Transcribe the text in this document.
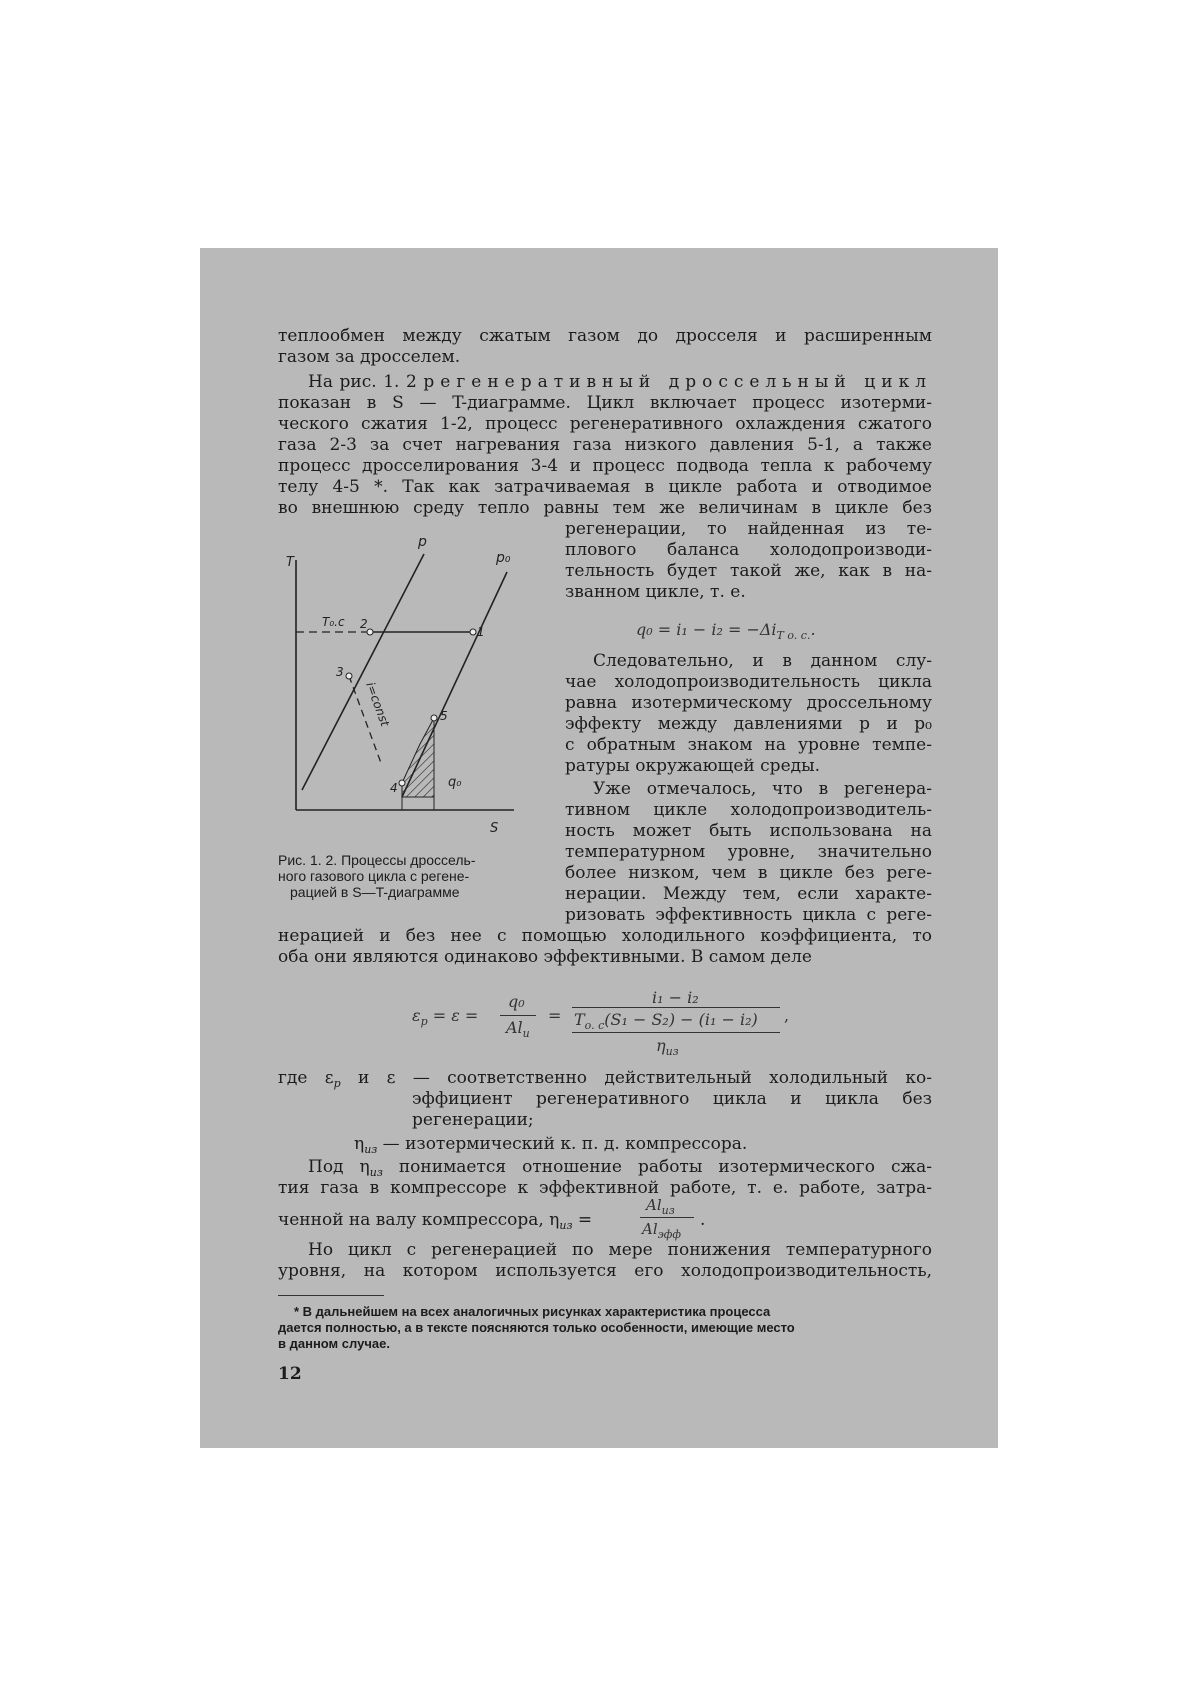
теплообмен между сжатым газом до дросселя и расширенным
газом за дросселем.
На рис. 1. 2 регенеративный дроссельный цикл
показан в S — T-диаграмме. Цикл включает процесс изотерми-
ческого сжатия 1-2, процесс регенеративного охлаждения сжатого
газа 2-3 за счет нагревания газа низкого давления 5-1, а также
процесс дросселирования 3-4 и процесс подвода тепла к рабочему
телу 4-5 *. Так как затрачиваемая в цикле работа и отводимое
во внешнюю среду тепло равны тем же величинам в цикле без
регенерации, то найденная из те-
плового баланса холодопроизводи-
тельность будет такой же, как в на-
званном цикле, т. е.
$q_0 = i_1 - i_2 = -\Delta i_{T o. c.}$.
Следовательно, и в данном слу-
чае холодопроизводительность цикла
равна изотермическому дроссельному
эффекту между давлениями p и p₀
с обратным знаком на уровне темпе-
ратуры окружающей среды.
Уже отмечалось, что в регенера-
тивном цикле холодопроизводитель-
ность может быть использована на
температурном уровне, значительно
более низком, чем в цикле без реге-
нерации. Между тем, если характе-
ризовать эффективность цикла с реге-
нерацией и без нее с помощью холодильного коэффициента, то
оба они являются одинаково эффективными. В самом деле
T
S
p
p₀
T₀.c
i=const
q₀
2
1
3
4
5
Рис. 1. 2. Процессы дроссель-
ного газового цикла с регене-
рацией в S—T-диаграмме
$\varepsilon_p = \varepsilon$ =
q₀
$Al_u$
=
i₁ − i₂
$T_{o. c}(S_1 - S_2) - (i_1 - i_2)$
$\eta_{из}$
,
где $\varepsilon_p$ и ε — соответственно действительный холодильный ко-
эффициент регенеративного цикла и цикла без
регенерации;
$\eta_{из}$ — изотермический к. п. д. компрессора.
Под $\eta_{из}$ понимается отношение работы изотермического сжа-
тия газа в компрессоре к эффективной работе, т. е. работе, затра-
ченной на валу компрессора, $\eta_{из}$ =
$Al_{из}$
$Al_{эфф}$
.
Но цикл с регенерацией по мере понижения температурного
уровня, на котором используется его холодопроизводительность,
* В дальнейшем на всех аналогичных рисунках характеристика процесса
дается полностью, а в тексте поясняются только особенности, имеющие место
в данном случае.
12
